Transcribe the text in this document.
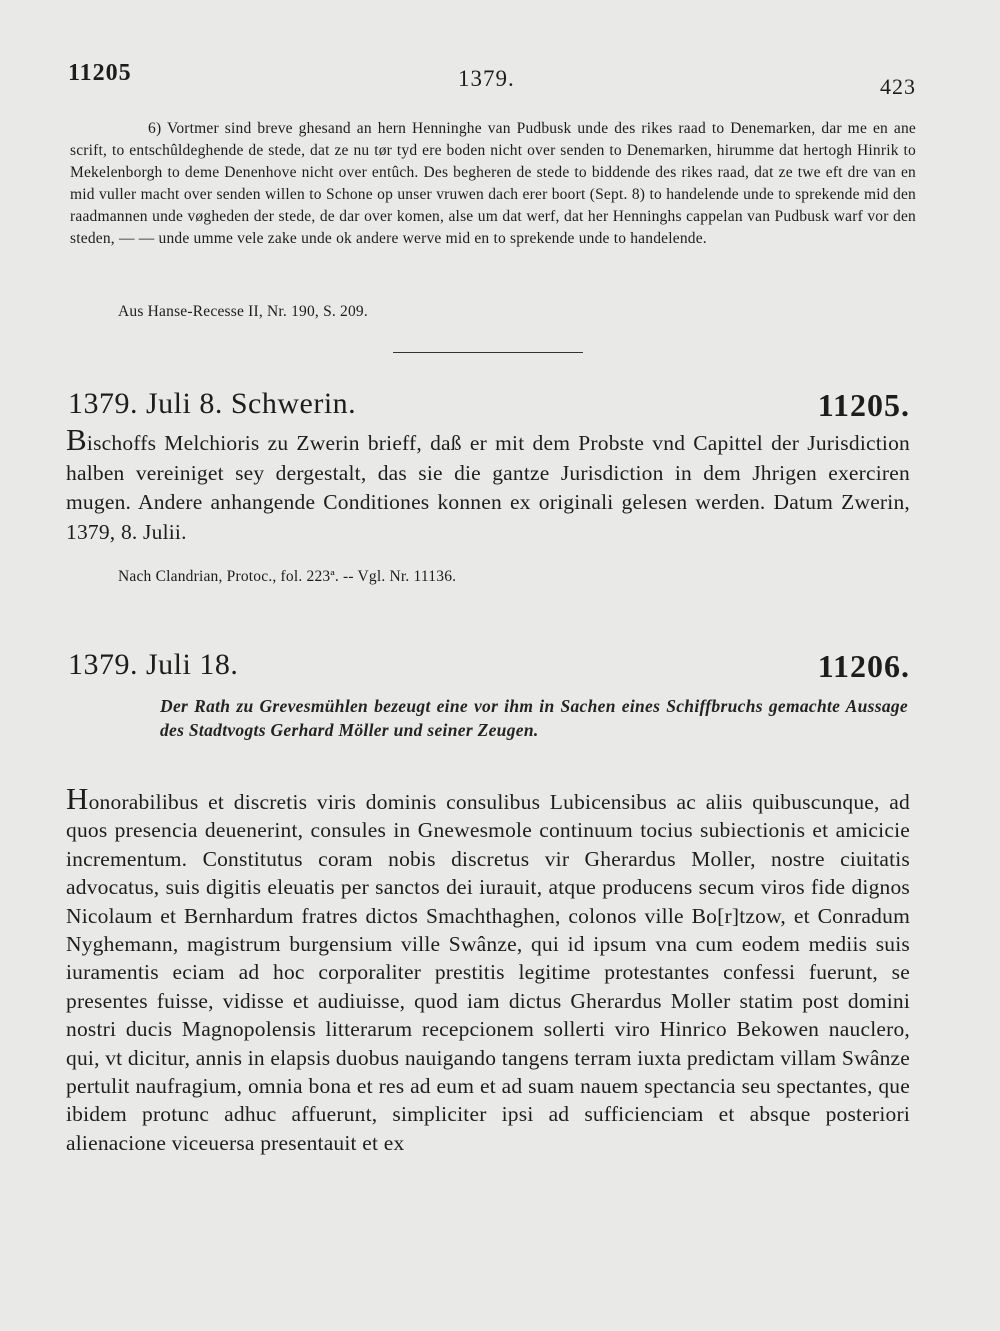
11205	1379.	423

6) Vortmer sind breve ghesand an hern Henninghe van Pudbusk unde des rikes raad to Denemarken, dar me en ane scrift, to entschûldeghende de stede, dat ze nu tør tyd ere boden nicht over senden to Denemarken, hirumme dat hertogh Hinrik to Mekelenborgh to deme Denenhove nicht over entûch. Des begheren de stede to biddende des rikes raad, dat ze twe eft dre van en mid vuller macht over senden willen to Schone op unser vruwen dach erer boort (Sept. 8) to handelende unde to sprekende mid den raadmannen unde vøgheden der stede, de dar over komen, alse um dat werf, dat her Henninghs cappelan van Pudbusk warf vor den steden, — — unde umme vele zake unde ok andere werve mid en to sprekende unde to handelende.

Aus Hanse-Recesse II, Nr. 190, S. 209.
1379. Juli 8. Schwerin.	11205.
Bischoffs Melchioris zu Zwerin brieff, daß er mit dem Probste vnd Capittel der Jurisdiction halben vereiniget sey dergestalt, das sie die gantze Jurisdiction in dem Jhrigen exerciren mugen. Andere anhangende Conditiones konnen ex originali gelesen werden. Datum Zwerin, 1379, 8. Julii.
Nach Clandrian, Protoc., fol. 223ª. -- Vgl. Nr. 11136.
1379. Juli 18.	11206.
Der Rath zu Grevesmühlen bezeugt eine vor ihm in Sachen eines Schiffbruchs gemachte Aussage des Stadtvogts Gerhard Möller und seiner Zeugen.
Honorabilibus et discretis viris dominis consulibus Lubicensibus ac aliis quibuscunque, ad quos presencia deuenerint, consules in Gnewesmole continuum tocius subiectionis et amicicie incrementum. Constitutus coram nobis discretus vir Gherardus Moller, nostre ciuitatis advocatus, suis digitis eleuatis per sanctos dei iurauit, atque producens secum viros fide dignos Nicolaum et Bernhardum fratres dictos Smachthaghen, colonos ville Bo[r]tzow, et Conradum Nyghemann, magistrum burgensium ville Swânze, qui id ipsum vna cum eodem mediis suis iuramentis eciam ad hoc corporaliter prestitis legitime protestantes confessi fuerunt, se presentes fuisse, vidisse et audiuisse, quod iam dictus Gherardus Moller statim post domini nostri ducis Magnopolensis litterarum recepcionem sollerti viro Hinrico Bekowen nauclero, qui, vt dicitur, annis in elapsis duobus nauigando tangens terram iuxta predictam villam Swânze pertulit naufragium, omnia bona et res ad eum et ad suam nauem spectancia seu spectantes, que ibidem protunc adhuc affuerunt, simpliciter ipsi ad sufficienciam et absque posteriori alienacione viceuersa presentauit et ex
